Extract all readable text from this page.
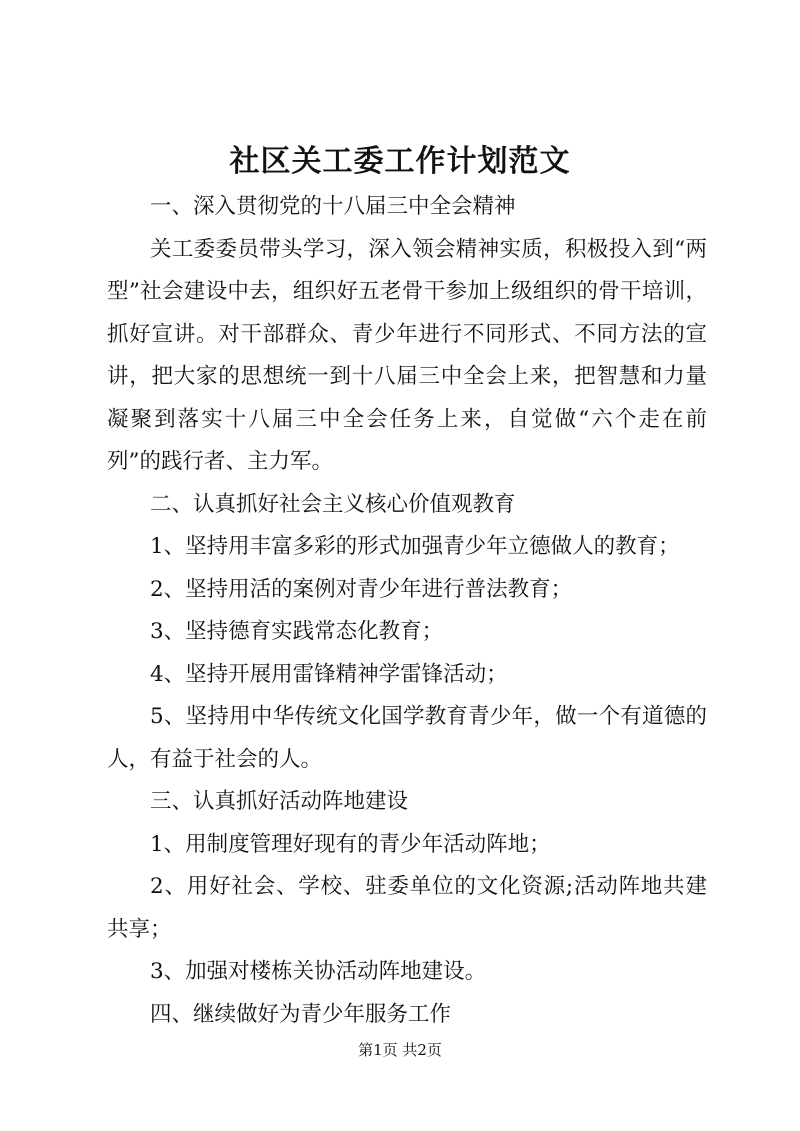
社区关工委工作计划范文

一、深入贯彻党的十八届三中全会精神

关工委委员带头学习，深入领会精神实质，积极投入到“两型”社会建设中去，组织好五老骨干参加上级组织的骨干培训，抓好宣讲。对干部群众、青少年进行不同形式、不同方法的宣讲，把大家的思想统一到十八届三中全会上来，把智慧和力量凝聚到落实十八届三中全会任务上来，自觉做“六个走在前列”的践行者、主力军。

二、认真抓好社会主义核心价值观教育

1、坚持用丰富多彩的形式加强青少年立德做人的教育；

2、坚持用活的案例对青少年进行普法教育；

3、坚持德育实践常态化教育；

4、坚持开展用雷锋精神学雷锋活动；

5、坚持用中华传统文化国学教育青少年，做一个有道德的人，有益于社会的人。

三、认真抓好活动阵地建设

1、用制度管理好现有的青少年活动阵地；

2、用好社会、学校、驻委单位的文化资源;活动阵地共建共享；

3、加强对楼栋关协活动阵地建设。

四、继续做好为青少年服务工作

第1页 共2页
